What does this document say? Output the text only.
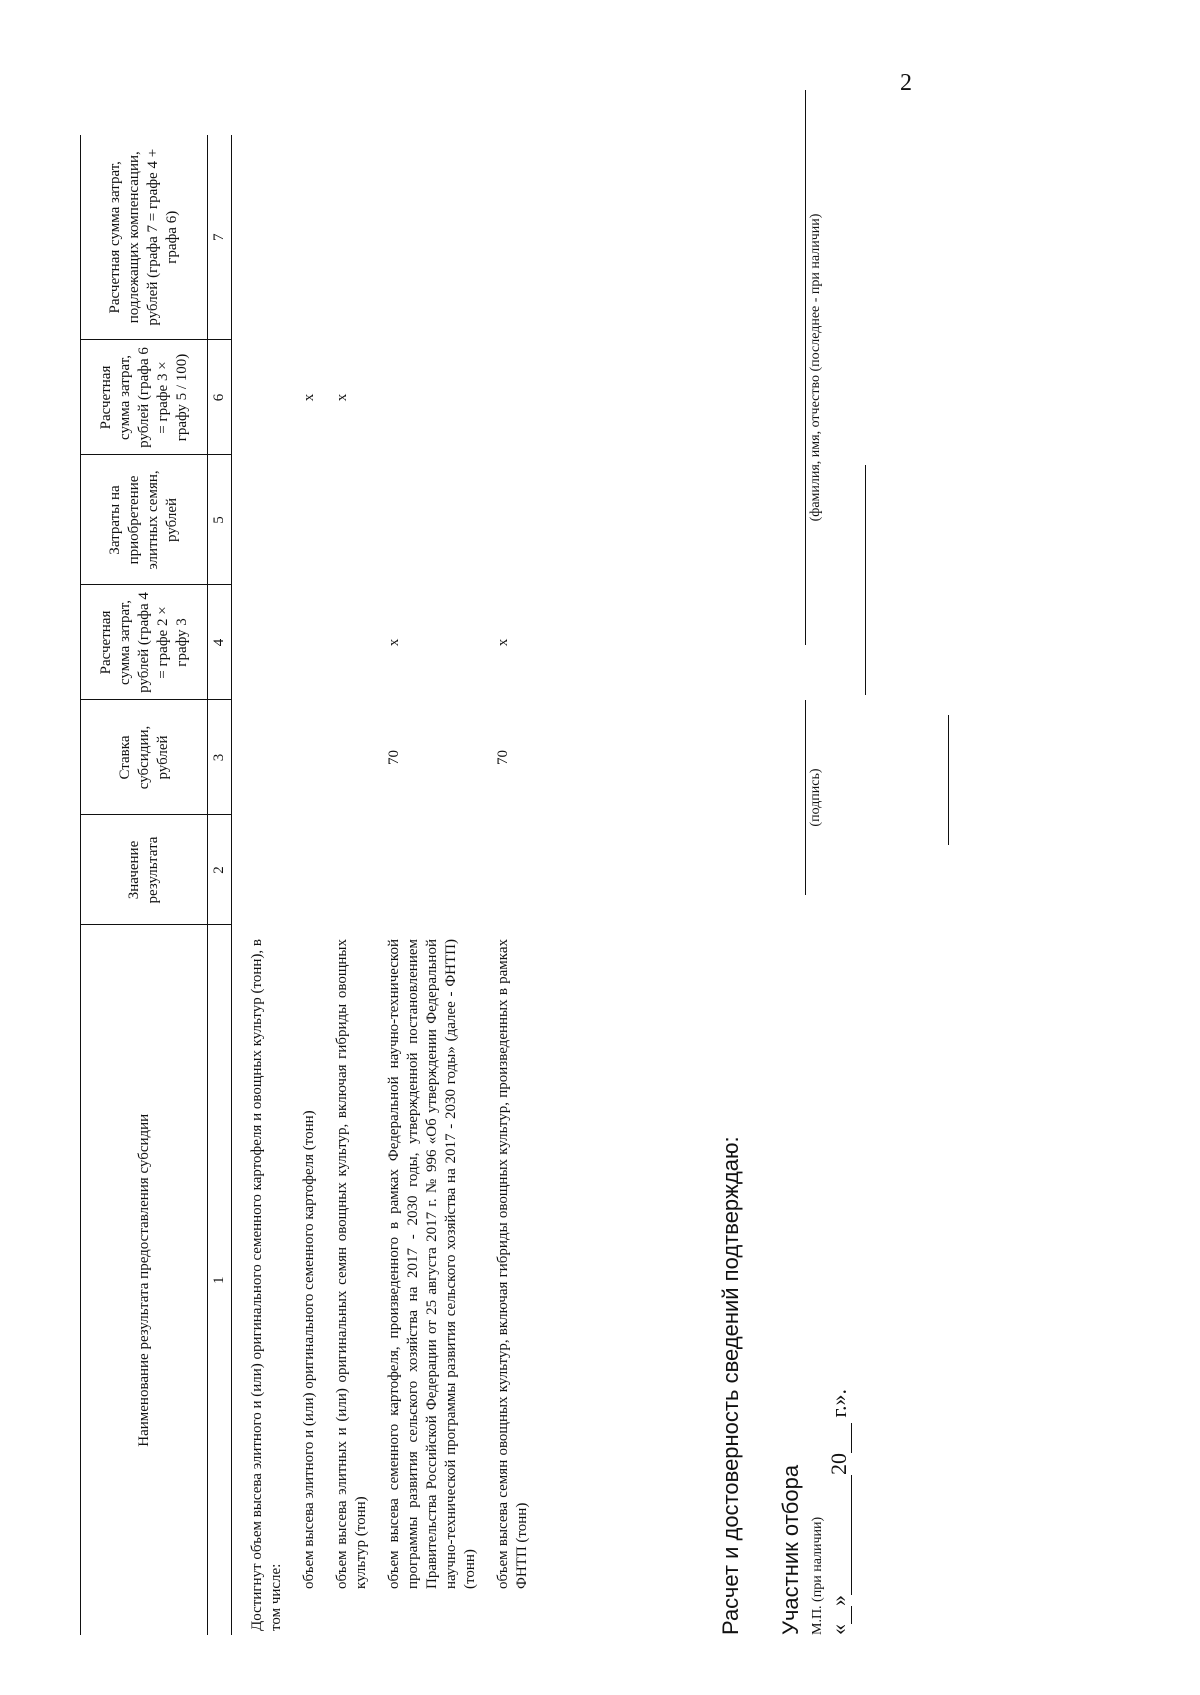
2
Наименование результата предоставления субсидии	Значение результата	Ставка субсидии, рублей	Расчетная сумма затрат, рублей (графа 4 = графе 2 × графу 3	Затраты на приобретение элитных семян, рублей	Расчетная сумма затрат, рублей (графа 6 = графе 3 × графу 5 / 100)	Расчетная сумма затрат, подлежащих компенсации, рублей (графа 7 = графе 4 + графа 6)
1	2	3	4	5	6	7
Достигнут объем высева элитного и (или) оригинального семенного картофеля и овощных культур (тонн), в том числе:						
объем высева элитного и (или) оригинального семенного картофеля (тонн)					х	
объем высева элитных и (или) оригинальных семян овощных культур, включая гибриды овощных культур (тонн)					х	
объем высева семенного картофеля, произведенного в рамках Федеральной научно-технической программы развития сельского хозяйства на 2017 - 2030 годы, утвержденной постановлением Правительства Российской Федерации от 25 августа 2017 г. № 996 «Об утверждении Федеральной научно-технической программы развития сельского хозяйства на 2017 - 2030 годы» (далее - ФНТП) (тонн)		70	х			
объем высева семян овощных культур, включая гибриды овощных культур, произведенных в рамках ФНТП (тонн)		70	х			
Расчет и достоверность сведений подтверждаю: Участник отбора М.П. (при наличии) «»20 г.».
(подпись)
(фамилия, имя, отчество (последнее - при наличии)
